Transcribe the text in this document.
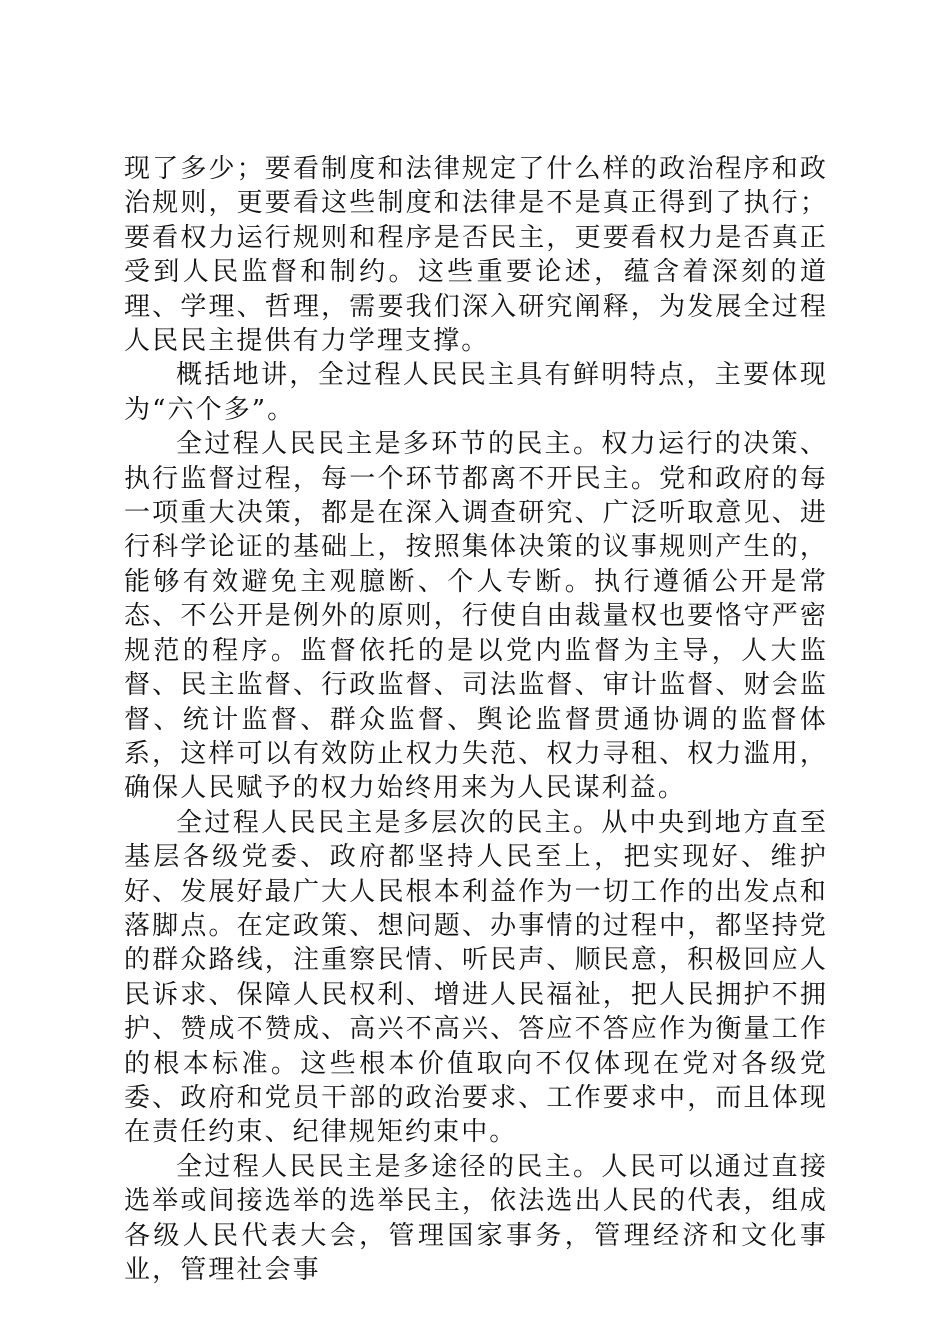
现了多少；要看制度和法律规定了什么样的政治程序和政治规则，更要看这些制度和法律是不是真正得到了执行；要看权力运行规则和程序是否民主，更要看权力是否真正受到人民监督和制约。这些重要论述，蕴含着深刻的道理、学理、哲理，需要我们深入研究阐释，为发展全过程人民民主提供有力学理支撑。

概括地讲，全过程人民民主具有鲜明特点，主要体现为“六个多”。

全过程人民民主是多环节的民主。权力运行的决策、执行监督过程，每一个环节都离不开民主。党和政府的每一项重大决策，都是在深入调查研究、广泛听取意见、进行科学论证的基础上，按照集体决策的议事规则产生的，能够有效避免主观臆断、个人专断。执行遵循公开是常态、不公开是例外的原则，行使自由裁量权也要恪守严密规范的程序。监督依托的是以党内监督为主导，人大监督、民主监督、行政监督、司法监督、审计监督、财会监督、统计监督、群众监督、舆论监督贯通协调的监督体系，这样可以有效防止权力失范、权力寻租、权力滥用，确保人民赋予的权力始终用来为人民谋利益。

全过程人民民主是多层次的民主。从中央到地方直至基层各级党委、政府都坚持人民至上，把实现好、维护好、发展好最广大人民根本利益作为一切工作的出发点和落脚点。在定政策、想问题、办事情的过程中，都坚持党的群众路线，注重察民情、听民声、顺民意，积极回应人民诉求、保障人民权利、增进人民福祉，把人民拥护不拥护、赞成不赞成、高兴不高兴、答应不答应作为衡量工作的根本标准。这些根本价值取向不仅体现在党对各级党委、政府和党员干部的政治要求、工作要求中，而且体现在责任约束、纪律规矩约束中。

全过程人民民主是多途径的民主。人民可以通过直接选举或间接选举的选举民主，依法选出人民的代表，组成各级人民代表大会，管理国家事务，管理经济和文化事业，管理社会事
